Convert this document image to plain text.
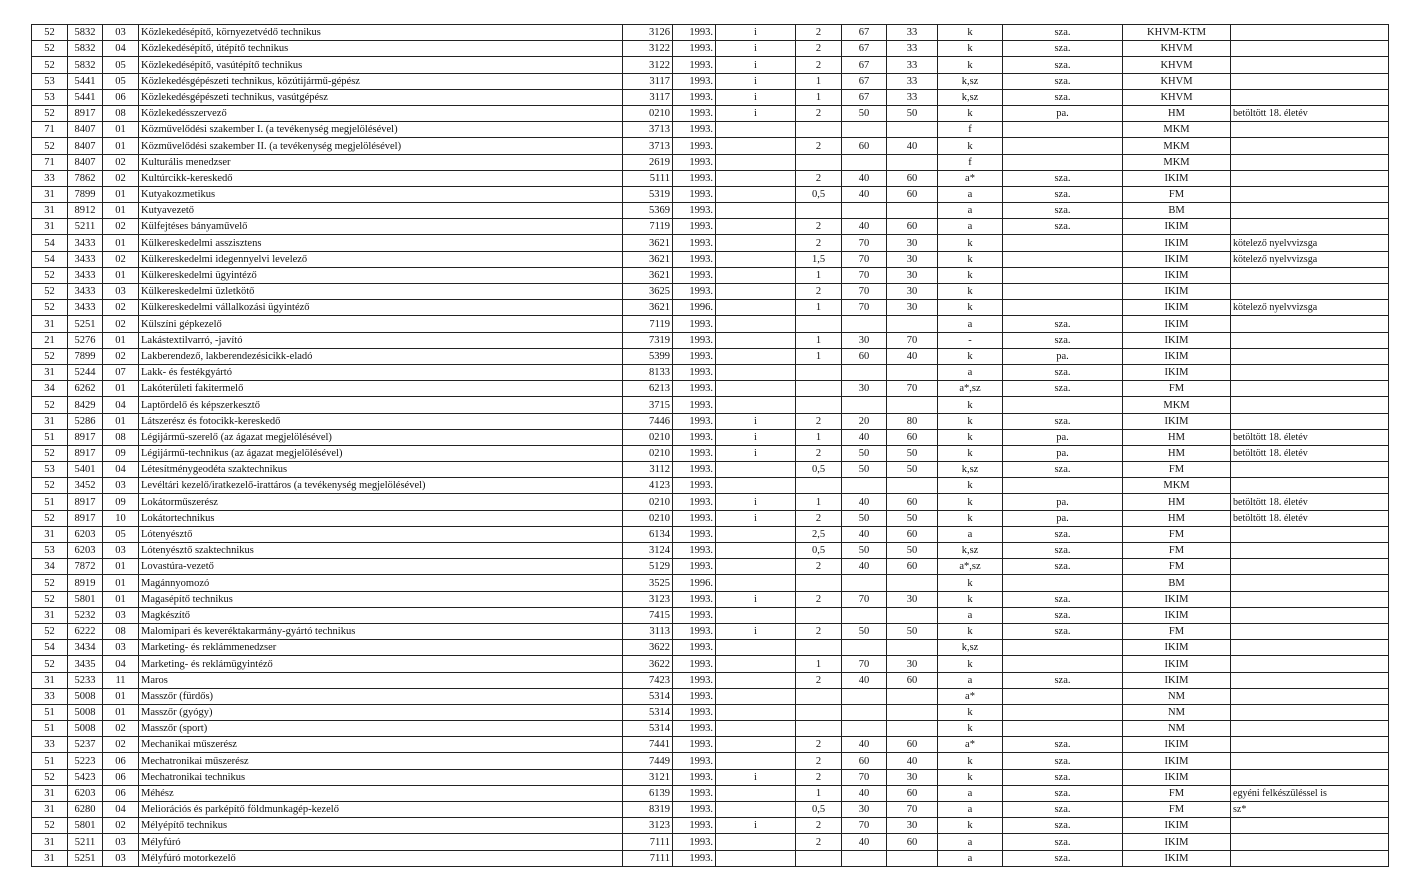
52	5832	03	Közlekedésépítő, környezetvédő technikus	3126	1993.	i	2	67	33	k	sza.	KHVM-KTM	
52	5832	04	Közlekedésépítő, útépítő technikus	3122	1993.	i	2	67	33	k	sza.	KHVM	
52	5832	05	Közlekedésépítő, vasútépítő technikus	3122	1993.	i	2	67	33	k	sza.	KHVM	
53	5441	05	Közlekedésgépészeti technikus, közútijármű-gépész	3117	1993.	i	1	67	33	k,sz	sza.	KHVM	
53	5441	06	Közlekedésgépészeti technikus, vasútgépész	3117	1993.	i	1	67	33	k,sz	sza.	KHVM	
52	8917	08	Közlekedésszervező	0210	1993.	i	2	50	50	k	pa.	HM	betöltött 18. életév
71	8407	01	Közművelődési szakember I. (a tevékenység megjelölésével)	3713	1993.					f		MKM	
52	8407	01	Közművelődési szakember II. (a tevékenység megjelölésével)	3713	1993.		2	60	40	k		MKM	
71	8407	02	Kulturális menedzser	2619	1993.					f		MKM	
33	7862	02	Kultúrcikk-kereskedő	5111	1993.		2	40	60	a*	sza.	IKIM	
31	7899	01	Kutyakozmetikus	5319	1993.		0,5	40	60	a	sza.	FM	
31	8912	01	Kutyavezető	5369	1993.					a	sza.	BM	
31	5211	02	Külfejtéses bányaművelő	7119	1993.		2	40	60	a	sza.	IKIM	
54	3433	01	Külkereskedelmi asszisztens	3621	1993.		2	70	30	k		IKIM	kötelező nyelvvizsga
54	3433	02	Külkereskedelmi idegennyelvi levelező	3621	1993.		1,5	70	30	k		IKIM	kötelező nyelvvizsga
52	3433	01	Külkereskedelmi ügyintéző	3621	1993.		1	70	30	k		IKIM	
52	3433	03	Külkereskedelmi üzletkötő	3625	1993.		2	70	30	k		IKIM	
52	3433	02	Külkereskedelmi vállalkozási ügyintéző	3621	1996.		1	70	30	k		IKIM	kötelező nyelvvizsga
31	5251	02	Külszíni gépkezelő	7119	1993.					a	sza.	IKIM	
21	5276	01	Lakástextilvarró, -javító	7319	1993.		1	30	70	-	sza.	IKIM	
52	7899	02	Lakberendező, lakberendezésicikk-eladó	5399	1993.		1	60	40	k	pa.	IKIM	
31	5244	07	Lakk- és festékgyártó	8133	1993.					a	sza.	IKIM	
34	6262	01	Lakóterületi fakitermelő	6213	1993.			30	70	a*,sz	sza.	FM	
52	8429	04	Laptördelő és képszerkesztő	3715	1993.					k		MKM	
31	5286	01	Látszerész és fotocikk-kereskedő	7446	1993.	i	2	20	80	k	sza.	IKIM	
51	8917	08	Légijármű-szerelő (az ágazat megjelölésével)	0210	1993.	i	1	40	60	k	pa.	HM	betöltött 18. életév
52	8917	09	Légijármű-technikus (az ágazat megjelölésével)	0210	1993.	i	2	50	50	k	pa.	HM	betöltött 18. életév
53	5401	04	Létesítménygeodéta szaktechnikus	3112	1993.		0,5	50	50	k,sz	sza.	FM	
52	3452	03	Levéltári kezelő/iratkezelő-irattáros (a tevékenység megjelölésével)	4123	1993.					k		MKM	
51	8917	09	Lokátorműszerész	0210	1993.	i	1	40	60	k	pa.	HM	betöltött 18. életév
52	8917	10	Lokátortechnikus	0210	1993.	i	2	50	50	k	pa.	HM	betöltött 18. életév
31	6203	05	Lótenyésztő	6134	1993.		2,5	40	60	a	sza.	FM	
53	6203	03	Lótenyésztő szaktechnikus	3124	1993.		0,5	50	50	k,sz	sza.	FM	
34	7872	01	Lovastúra-vezető	5129	1993.		2	40	60	a*,sz	sza.	FM	
52	8919	01	Magánnyomozó	3525	1996.					k		BM	
52	5801	01	Magasépítő technikus	3123	1993.	i	2	70	30	k	sza.	IKIM	
31	5232	03	Magkészítő	7415	1993.					a	sza.	IKIM	
52	6222	08	Malomipari és keveréktakarmány-gyártó technikus	3113	1993.	i	2	50	50	k	sza.	FM	
54	3434	03	Marketing- és reklámmenedzser	3622	1993.					k,sz		IKIM	
52	3435	04	Marketing- és reklámügyintéző	3622	1993.		1	70	30	k		IKIM	
31	5233	11	Maros	7423	1993.		2	40	60	a	sza.	IKIM	
33	5008	01	Masszőr (fürdős)	5314	1993.					a*		NM	
51	5008	01	Masszőr (gyógy)	5314	1993.					k		NM	
51	5008	02	Masszőr (sport)	5314	1993.					k		NM	
33	5237	02	Mechanikai műszerész	7441	1993.		2	40	60	a*	sza.	IKIM	
51	5223	06	Mechatronikai műszerész	7449	1993.		2	60	40	k	sza.	IKIM	
52	5423	06	Mechatronikai technikus	3121	1993.	i	2	70	30	k	sza.	IKIM	
31	6203	06	Méhész	6139	1993.		1	40	60	a	sza.	FM	egyéni felkészüléssel is
31	6280	04	Meliorációs és parképítő földmunkagép-kezelő	8319	1993.		0,5	30	70	a	sza.	FM	sz*
52	5801	02	Mélyépítő technikus	3123	1993.	i	2	70	30	k	sza.	IKIM	
31	5211	03	Mélyfúró	7111	1993.		2	40	60	a	sza.	IKIM	
31	5251	03	Mélyfúró motorkezelő	7111	1993.					a	sza.	IKIM	
